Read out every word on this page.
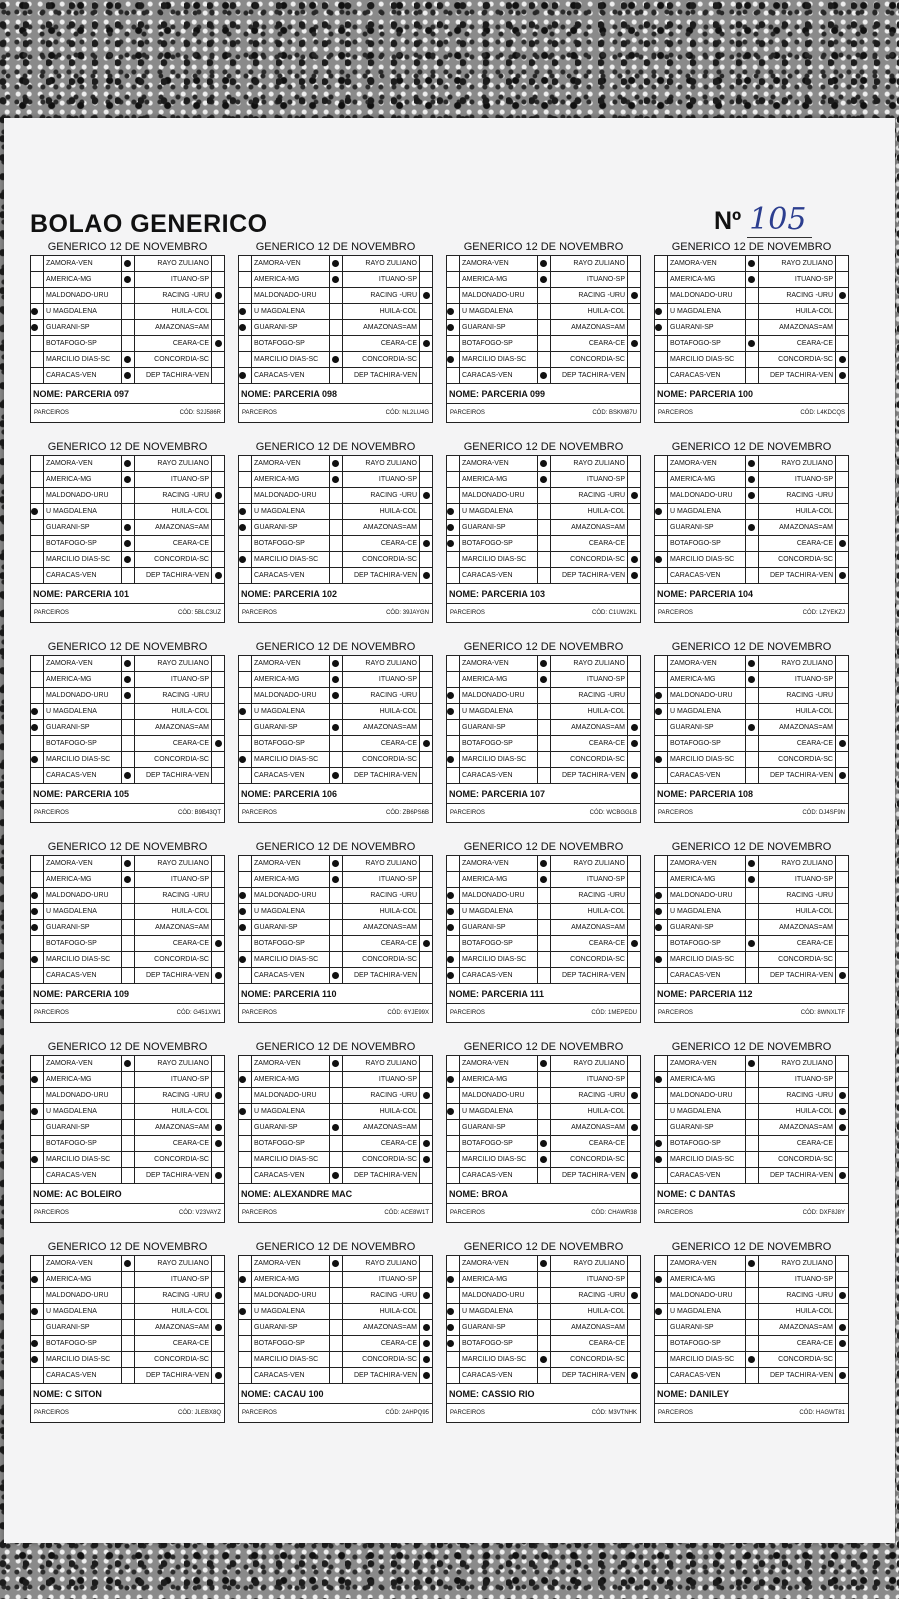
BOLAO GENERICO	Nº 105
GENERICO 12 DE NOVEMBRO
ZAMORA-VEN	RAYO ZULIANO
AMERICA-MG	ITUANO-SP
MALDONADO-URU	RACING -URU
U MAGDALENA	HUILA-COL
GUARANI-SP	AMAZONAS=AM
BOTAFOGO-SP	CEARA-CE
MARCILIO DIAS-SC	CONCORDIA-SC
CARACAS-VEN	DEP TACHIRA-VEN
NOME: PARCERIA 097
PARCEIROS	CÓD: S2J586R
GENERICO 12 DE NOVEMBRO
ZAMORA-VEN	RAYO ZULIANO
AMERICA-MG	ITUANO-SP
MALDONADO-URU	RACING -URU
U MAGDALENA	HUILA-COL
GUARANI-SP	AMAZONAS=AM
BOTAFOGO-SP	CEARA-CE
MARCILIO DIAS-SC	CONCORDIA-SC
CARACAS-VEN	DEP TACHIRA-VEN
NOME: PARCERIA 098
PARCEIROS	CÓD: NL2LU4G
GENERICO 12 DE NOVEMBRO
ZAMORA-VEN	RAYO ZULIANO
AMERICA-MG	ITUANO-SP
MALDONADO-URU	RACING -URU
U MAGDALENA	HUILA-COL
GUARANI-SP	AMAZONAS=AM
BOTAFOGO-SP	CEARA-CE
MARCILIO DIAS-SC	CONCORDIA-SC
CARACAS-VEN	DEP TACHIRA-VEN
NOME: PARCERIA 099
PARCEIROS	CÓD: BSKM87U
GENERICO 12 DE NOVEMBRO
ZAMORA-VEN	RAYO ZULIANO
AMERICA-MG	ITUANO-SP
MALDONADO-URU	RACING -URU
U MAGDALENA	HUILA-COL
GUARANI-SP	AMAZONAS=AM
BOTAFOGO-SP	CEARA-CE
MARCILIO DIAS-SC	CONCORDIA-SC
CARACAS-VEN	DEP TACHIRA-VEN
NOME: PARCERIA 100
PARCEIROS	CÓD: L4KDCQS
GENERICO 12 DE NOVEMBRO
ZAMORA-VEN	RAYO ZULIANO
AMERICA-MG	ITUANO-SP
MALDONADO-URU	RACING -URU
U MAGDALENA	HUILA-COL
GUARANI-SP	AMAZONAS=AM
BOTAFOGO-SP	CEARA-CE
MARCILIO DIAS-SC	CONCORDIA-SC
CARACAS-VEN	DEP TACHIRA-VEN
NOME: PARCERIA 101
PARCEIROS	CÓD: 5BLC3UZ
GENERICO 12 DE NOVEMBRO
ZAMORA-VEN	RAYO ZULIANO
AMERICA-MG	ITUANO-SP
MALDONADO-URU	RACING -URU
U MAGDALENA	HUILA-COL
GUARANI-SP	AMAZONAS=AM
BOTAFOGO-SP	CEARA-CE
MARCILIO DIAS-SC	CONCORDIA-SC
CARACAS-VEN	DEP TACHIRA-VEN
NOME: PARCERIA 102
PARCEIROS	CÓD: 39JAYGN
GENERICO 12 DE NOVEMBRO
ZAMORA-VEN	RAYO ZULIANO
AMERICA-MG	ITUANO-SP
MALDONADO-URU	RACING -URU
U MAGDALENA	HUILA-COL
GUARANI-SP	AMAZONAS=AM
BOTAFOGO-SP	CEARA-CE
MARCILIO DIAS-SC	CONCORDIA-SC
CARACAS-VEN	DEP TACHIRA-VEN
NOME: PARCERIA 103
PARCEIROS	CÓD: C1UW2KL
GENERICO 12 DE NOVEMBRO
ZAMORA-VEN	RAYO ZULIANO
AMERICA-MG	ITUANO-SP
MALDONADO-URU	RACING -URU
U MAGDALENA	HUILA-COL
GUARANI-SP	AMAZONAS=AM
BOTAFOGO-SP	CEARA-CE
MARCILIO DIAS-SC	CONCORDIA-SC
CARACAS-VEN	DEP TACHIRA-VEN
NOME: PARCERIA 104
PARCEIROS	CÓD: LZYEKZJ
GENERICO 12 DE NOVEMBRO
ZAMORA-VEN	RAYO ZULIANO
AMERICA-MG	ITUANO-SP
MALDONADO-URU	RACING -URU
U MAGDALENA	HUILA-COL
GUARANI-SP	AMAZONAS=AM
BOTAFOGO-SP	CEARA-CE
MARCILIO DIAS-SC	CONCORDIA-SC
CARACAS-VEN	DEP TACHIRA-VEN
NOME: PARCERIA 105
PARCEIROS	CÓD: B9B43QT
GENERICO 12 DE NOVEMBRO
ZAMORA-VEN	RAYO ZULIANO
AMERICA-MG	ITUANO-SP
MALDONADO-URU	RACING -URU
U MAGDALENA	HUILA-COL
GUARANI-SP	AMAZONAS=AM
BOTAFOGO-SP	CEARA-CE
MARCILIO DIAS-SC	CONCORDIA-SC
CARACAS-VEN	DEP TACHIRA-VEN
NOME: PARCERIA 106
PARCEIROS	CÓD: ZB6PS6B
GENERICO 12 DE NOVEMBRO
ZAMORA-VEN	RAYO ZULIANO
AMERICA-MG	ITUANO-SP
MALDONADO-URU	RACING -URU
U MAGDALENA	HUILA-COL
GUARANI-SP	AMAZONAS=AM
BOTAFOGO-SP	CEARA-CE
MARCILIO DIAS-SC	CONCORDIA-SC
CARACAS-VEN	DEP TACHIRA-VEN
NOME: PARCERIA 107
PARCEIROS	CÓD: WCBGGLB
GENERICO 12 DE NOVEMBRO
ZAMORA-VEN	RAYO ZULIANO
AMERICA-MG	ITUANO-SP
MALDONADO-URU	RACING -URU
U MAGDALENA	HUILA-COL
GUARANI-SP	AMAZONAS=AM
BOTAFOGO-SP	CEARA-CE
MARCILIO DIAS-SC	CONCORDIA-SC
CARACAS-VEN	DEP TACHIRA-VEN
NOME: PARCERIA 108
PARCEIROS	CÓD: DJ4SF9N
GENERICO 12 DE NOVEMBRO
ZAMORA-VEN	RAYO ZULIANO
AMERICA-MG	ITUANO-SP
MALDONADO-URU	RACING -URU
U MAGDALENA	HUILA-COL
GUARANI-SP	AMAZONAS=AM
BOTAFOGO-SP	CEARA-CE
MARCILIO DIAS-SC	CONCORDIA-SC
CARACAS-VEN	DEP TACHIRA-VEN
NOME: PARCERIA 109
PARCEIROS	CÓD: G451XW1
GENERICO 12 DE NOVEMBRO
ZAMORA-VEN	RAYO ZULIANO
AMERICA-MG	ITUANO-SP
MALDONADO-URU	RACING -URU
U MAGDALENA	HUILA-COL
GUARANI-SP	AMAZONAS=AM
BOTAFOGO-SP	CEARA-CE
MARCILIO DIAS-SC	CONCORDIA-SC
CARACAS-VEN	DEP TACHIRA-VEN
NOME: PARCERIA 110
PARCEIROS	CÓD: 6YJE99X
GENERICO 12 DE NOVEMBRO
ZAMORA-VEN	RAYO ZULIANO
AMERICA-MG	ITUANO-SP
MALDONADO-URU	RACING -URU
U MAGDALENA	HUILA-COL
GUARANI-SP	AMAZONAS=AM
BOTAFOGO-SP	CEARA-CE
MARCILIO DIAS-SC	CONCORDIA-SC
CARACAS-VEN	DEP TACHIRA-VEN
NOME: PARCERIA 111
PARCEIROS	CÓD: 1MEPEDU
GENERICO 12 DE NOVEMBRO
ZAMORA-VEN	RAYO ZULIANO
AMERICA-MG	ITUANO-SP
MALDONADO-URU	RACING -URU
U MAGDALENA	HUILA-COL
GUARANI-SP	AMAZONAS=AM
BOTAFOGO-SP	CEARA-CE
MARCILIO DIAS-SC	CONCORDIA-SC
CARACAS-VEN	DEP TACHIRA-VEN
NOME: PARCERIA 112
PARCEIROS	CÓD: 8WNXLTF
GENERICO 12 DE NOVEMBRO
ZAMORA-VEN	RAYO ZULIANO
AMERICA-MG	ITUANO-SP
MALDONADO-URU	RACING -URU
U MAGDALENA	HUILA-COL
GUARANI-SP	AMAZONAS=AM
BOTAFOGO-SP	CEARA-CE
MARCILIO DIAS-SC	CONCORDIA-SC
CARACAS-VEN	DEP TACHIRA-VEN
NOME: AC BOLEIRO
PARCEIROS	CÓD: V23VAYZ
GENERICO 12 DE NOVEMBRO
ZAMORA-VEN	RAYO ZULIANO
AMERICA-MG	ITUANO-SP
MALDONADO-URU	RACING -URU
U MAGDALENA	HUILA-COL
GUARANI-SP	AMAZONAS=AM
BOTAFOGO-SP	CEARA-CE
MARCILIO DIAS-SC	CONCORDIA-SC
CARACAS-VEN	DEP TACHIRA-VEN
NOME: ALEXANDRE MAC
PARCEIROS	CÓD: ACE8W1T
GENERICO 12 DE NOVEMBRO
ZAMORA-VEN	RAYO ZULIANO
AMERICA-MG	ITUANO-SP
MALDONADO-URU	RACING -URU
U MAGDALENA	HUILA-COL
GUARANI-SP	AMAZONAS=AM
BOTAFOGO-SP	CEARA-CE
MARCILIO DIAS-SC	CONCORDIA-SC
CARACAS-VEN	DEP TACHIRA-VEN
NOME: BROA
PARCEIROS	CÓD: CHAWR38
GENERICO 12 DE NOVEMBRO
ZAMORA-VEN	RAYO ZULIANO
AMERICA-MG	ITUANO-SP
MALDONADO-URU	RACING -URU
U MAGDALENA	HUILA-COL
GUARANI-SP	AMAZONAS=AM
BOTAFOGO-SP	CEARA-CE
MARCILIO DIAS-SC	CONCORDIA-SC
CARACAS-VEN	DEP TACHIRA-VEN
NOME: C DANTAS
PARCEIROS	CÓD: DXF8J8Y
GENERICO 12 DE NOVEMBRO
ZAMORA-VEN	RAYO ZULIANO
AMERICA-MG	ITUANO-SP
MALDONADO-URU	RACING -URU
U MAGDALENA	HUILA-COL
GUARANI-SP	AMAZONAS=AM
BOTAFOGO-SP	CEARA-CE
MARCILIO DIAS-SC	CONCORDIA-SC
CARACAS-VEN	DEP TACHIRA-VEN
NOME: C SITON
PARCEIROS	CÓD: JLEBX8Q
GENERICO 12 DE NOVEMBRO
ZAMORA-VEN	RAYO ZULIANO
AMERICA-MG	ITUANO-SP
MALDONADO-URU	RACING -URU
U MAGDALENA	HUILA-COL
GUARANI-SP	AMAZONAS=AM
BOTAFOGO-SP	CEARA-CE
MARCILIO DIAS-SC	CONCORDIA-SC
CARACAS-VEN	DEP TACHIRA-VEN
NOME: CACAU 100
PARCEIROS	CÓD: 2AHPQ95
GENERICO 12 DE NOVEMBRO
ZAMORA-VEN	RAYO ZULIANO
AMERICA-MG	ITUANO-SP
MALDONADO-URU	RACING -URU
U MAGDALENA	HUILA-COL
GUARANI-SP	AMAZONAS=AM
BOTAFOGO-SP	CEARA-CE
MARCILIO DIAS-SC	CONCORDIA-SC
CARACAS-VEN	DEP TACHIRA-VEN
NOME: CASSIO RIO
PARCEIROS	CÓD: M3VTNHK
GENERICO 12 DE NOVEMBRO
ZAMORA-VEN	RAYO ZULIANO
AMERICA-MG	ITUANO-SP
MALDONADO-URU	RACING -URU
U MAGDALENA	HUILA-COL
GUARANI-SP	AMAZONAS=AM
BOTAFOGO-SP	CEARA-CE
MARCILIO DIAS-SC	CONCORDIA-SC
CARACAS-VEN	DEP TACHIRA-VEN
NOME: DANILEY
PARCEIROS	CÓD: HAGWT81
